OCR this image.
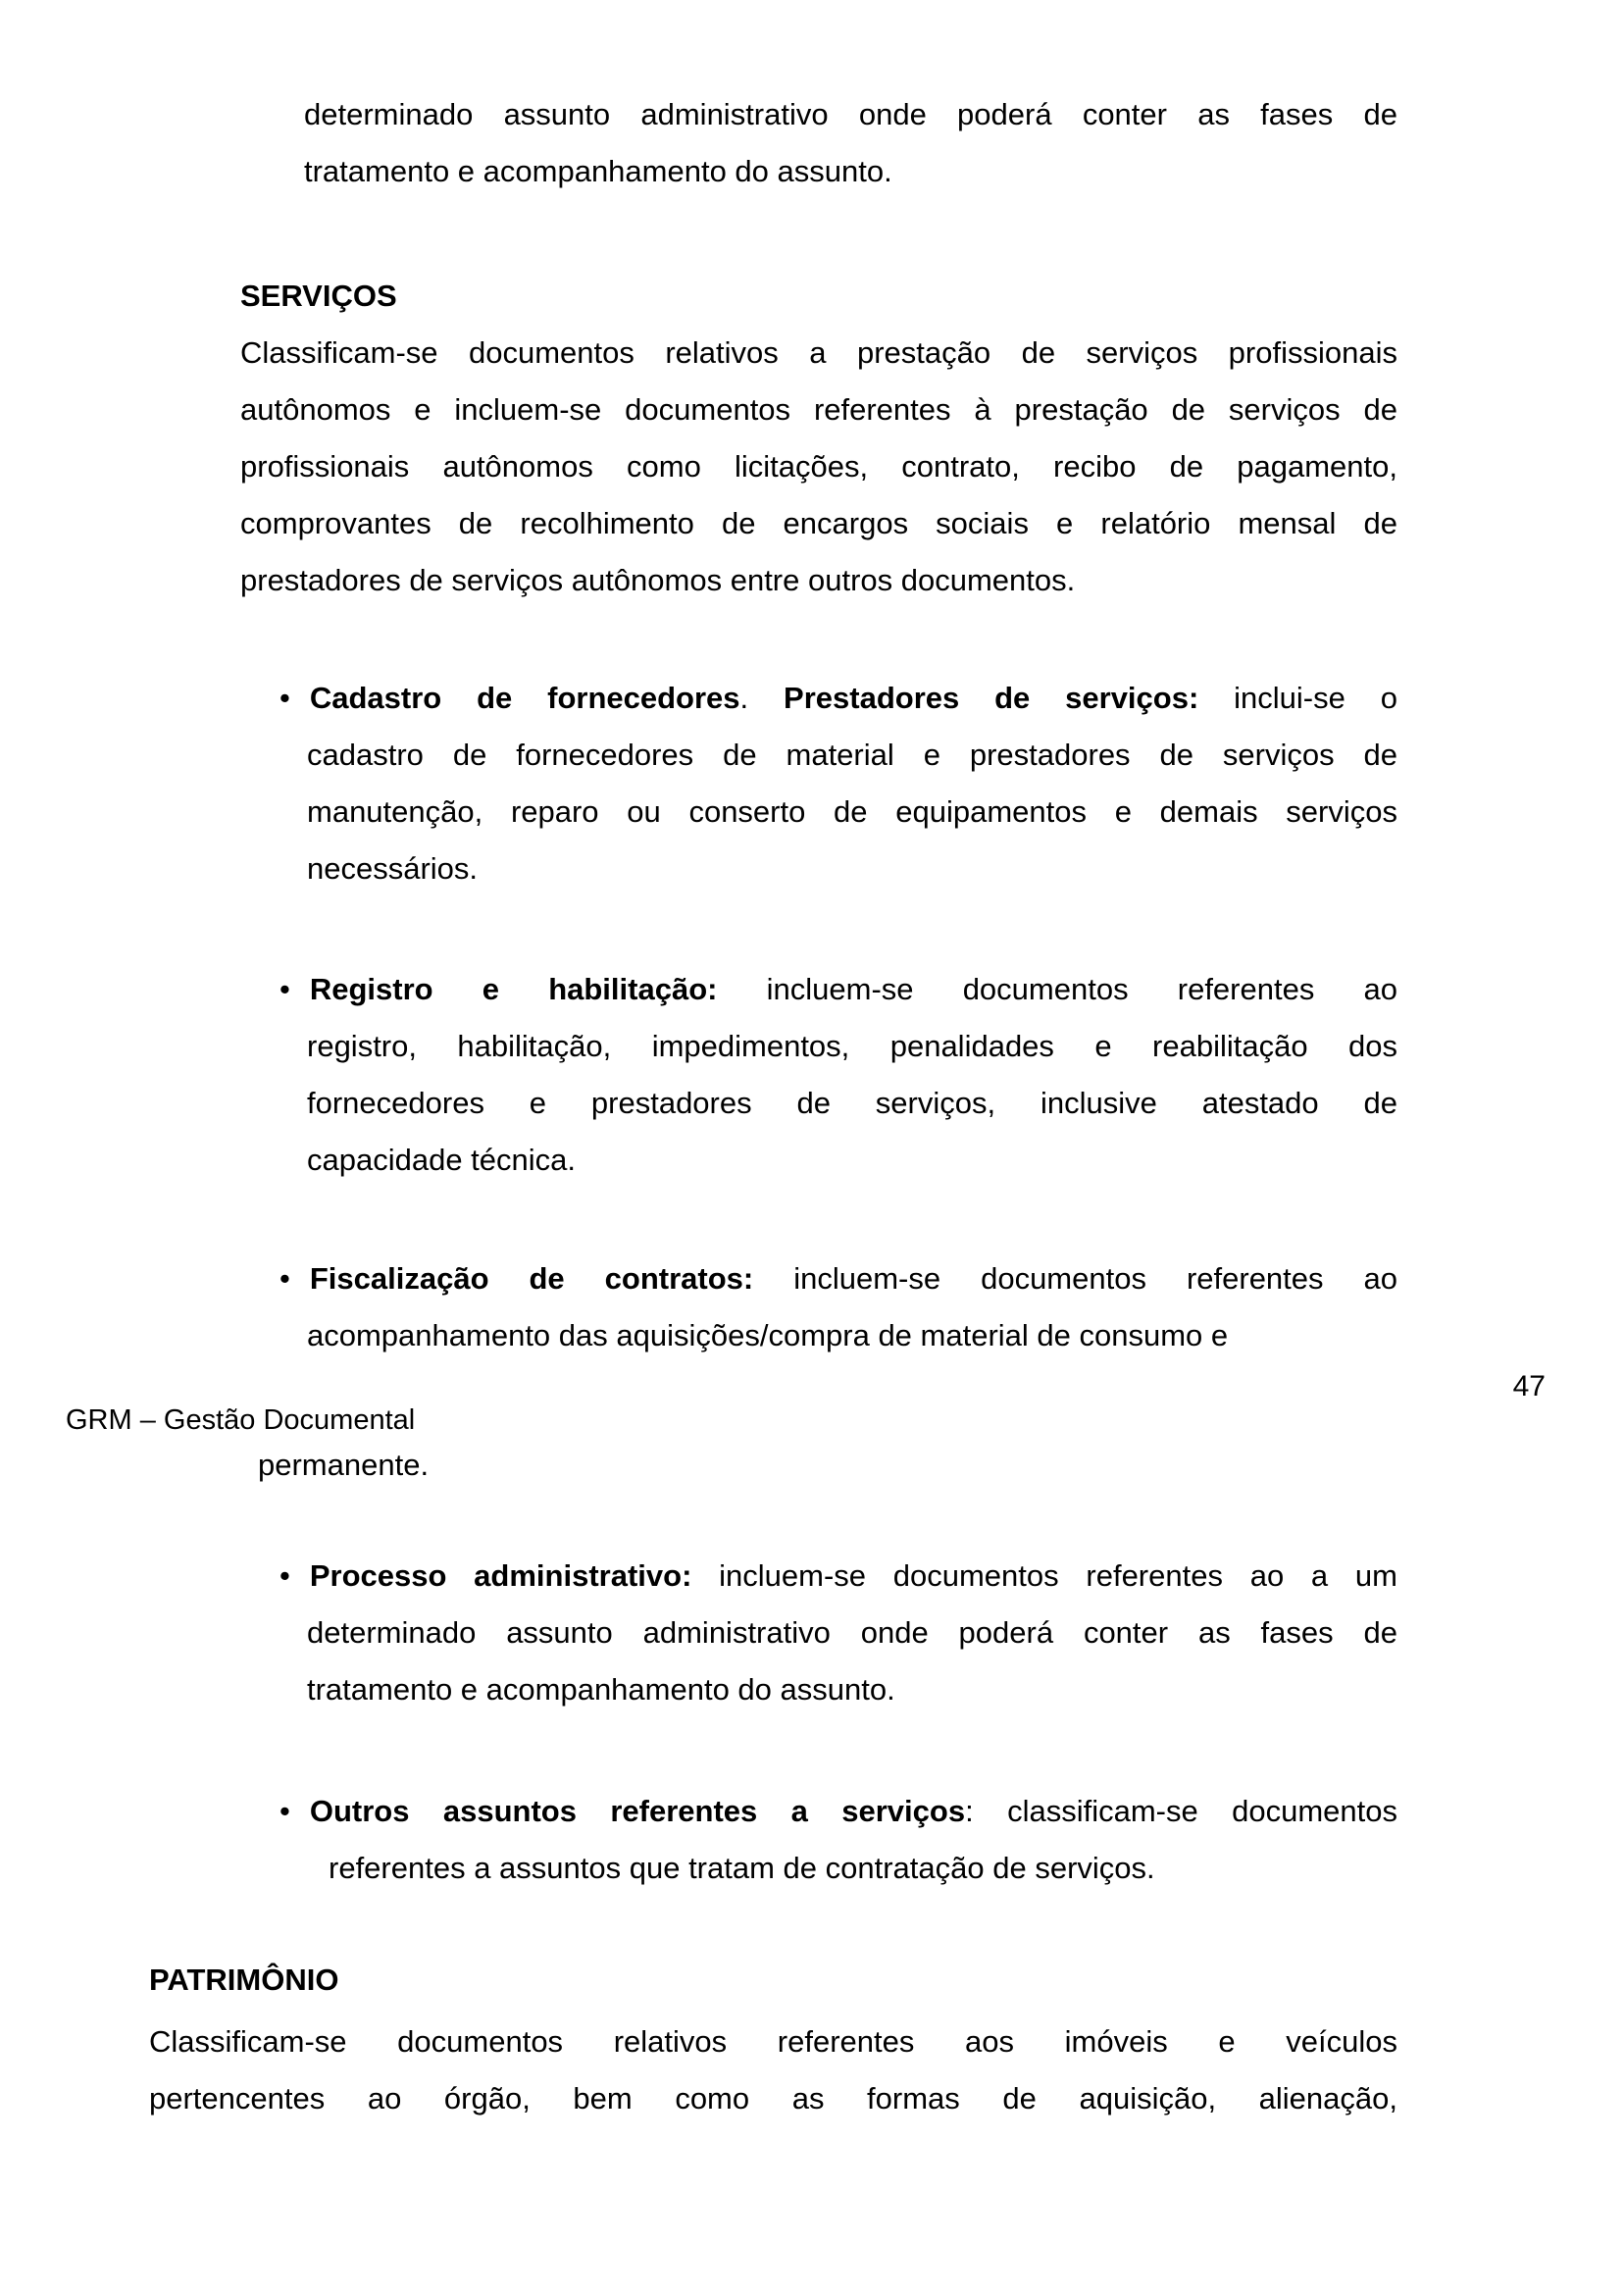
determinado assunto administrativo onde poderá conter as fases de
tratamento e acompanhamento do assunto.
SERVIÇOS
Classificam-se documentos relativos a prestação de serviços profissionais
autônomos e incluem-se documentos referentes à prestação de serviços de
profissionais autônomos como licitações, contrato, recibo de pagamento,
comprovantes de recolhimento de encargos sociais e relatório mensal de
prestadores de serviços autônomos entre outros documentos.
• Cadastro de fornecedores. Prestadores de serviços: inclui-se o
cadastro de fornecedores de material e prestadores de serviços de
manutenção, reparo ou conserto de equipamentos e demais serviços
necessários.
• Registro e habilitação: incluem-se documentos referentes ao
registro, habilitação, impedimentos, penalidades e reabilitação dos
fornecedores e prestadores de serviços, inclusive atestado de
capacidade técnica.
• Fiscalização de contratos: incluem-se documentos referentes ao
acompanhamento das aquisições/compra de material de consumo e
47
GRM – Gestão Documental
permanente.
• Processo administrativo: incluem-se documentos referentes ao a um
determinado assunto administrativo onde poderá conter as fases de
tratamento e acompanhamento do assunto.
• Outros assuntos referentes a serviços: classificam-se documentos
referentes a assuntos que tratam de contratação de serviços.
PATRIMÔNIO
Classificam-se documentos relativos referentes aos imóveis e veículos
pertencentes ao órgão, bem como as formas de aquisição, alienação,
